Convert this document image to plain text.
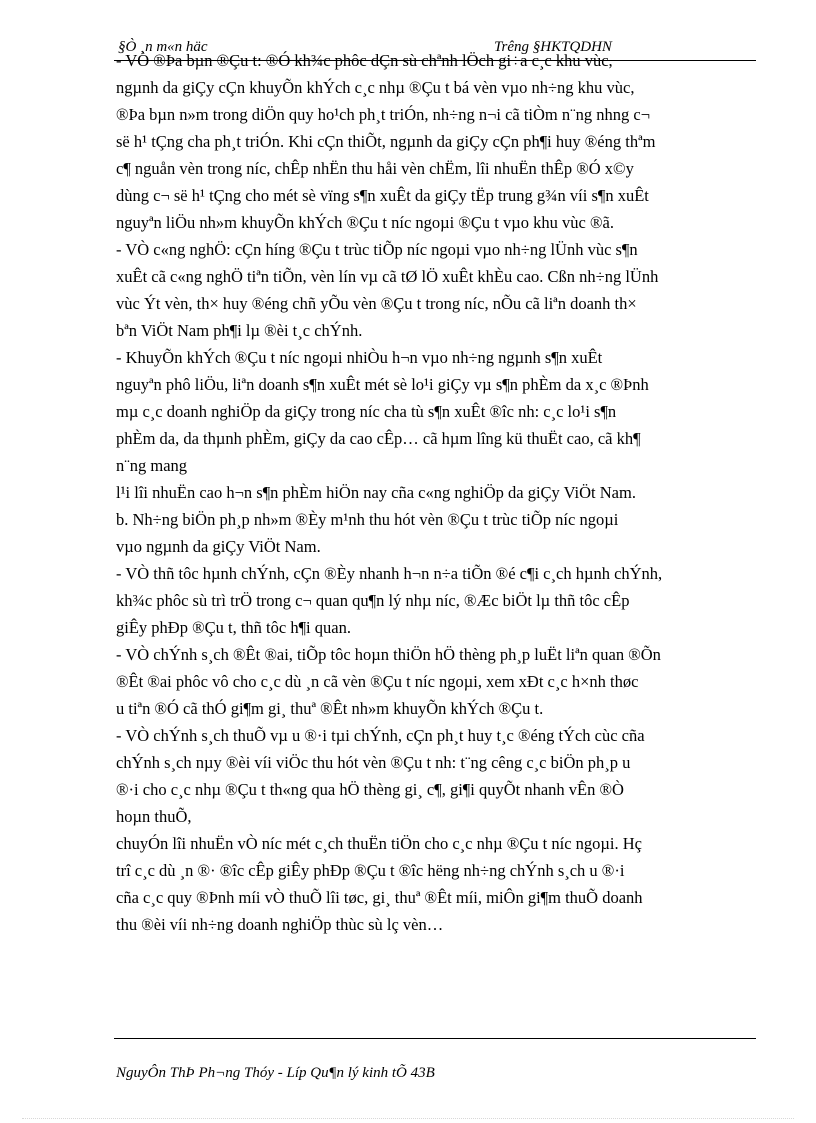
§Ò ¸n m«n häc	Trêng §HKTQDHN
- VÒ ®Þa bµn ®Çu t: ®Ó kh¾c phôc dÇn sù chªnh lÖch gi÷a c¸c khu vùc,
ngµnh da giÇy cÇn khuyÕn khÝch c¸c nhµ ®Çu t bá vèn vµo nh÷ng khu vùc,
®Þa bµn n»m trong diÖn quy ho¹ch ph¸t triÓn, nh÷ng n¬i cã tiÒm n¨ng nhng c¬
së h¹ tÇng cha ph¸t triÓn. Khi cÇn thiÕt, ngµnh da giÇy cÇn ph¶i huy ®éng thªm
c¶ nguån vèn trong níc, chÊp nhËn thu håi vèn chËm, lîi nhuËn thÊp ®Ó x©y
dùng c¬ së h¹ tÇng cho mét sè vïng s¶n xuÊt da giÇy tËp trung g¾n víi s¶n xuÊt
nguyªn liÖu nh»m khuyÕn khÝch ®Çu t níc ngoµi ®Çu t vµo khu vùc ®ã.
- VÒ c«ng nghÖ: cÇn híng ®Çu t trùc tiÕp níc ngoµi vµo nh÷ng lÜnh vùc s¶n
xuÊt cã c«ng nghÖ tiªn tiÕn, vèn lín vµ cã tØ lÖ xuÊt khÈu cao. Cßn nh÷ng lÜnh
vùc Ýt vèn, th× huy ®éng chñ yÕu vèn ®Çu t trong níc, nÕu cã liªn doanh th×
bªn ViÖt Nam ph¶i lµ ®èi t¸c chÝnh.
- KhuyÕn khÝch ®Çu t níc ngoµi nhiÒu h¬n vµo nh÷ng ngµnh s¶n xuÊt
nguyªn phô liÖu, liªn doanh s¶n xuÊt mét sè lo¹i giÇy vµ s¶n phÈm da x¸c ®Þnh
mµ c¸c doanh nghiÖp da giÇy trong níc cha tù s¶n xuÊt ®îc nh: c¸c lo¹i s¶n
phÈm da, da thµnh phÈm, giÇy da cao cÊp… cã hµm lîng kü thuËt cao, cã kh¶
n¨ng mang
l¹i lîi nhuËn cao h¬n s¶n phÈm hiÖn nay cña c«ng nghiÖp da giÇy ViÖt Nam.
b. Nh÷ng biÖn ph¸p nh»m ®Èy m¹nh thu hót vèn ®Çu t trùc tiÕp níc ngoµi
vµo ngµnh da giÇy ViÖt Nam.
- VÒ thñ tôc hµnh chÝnh, cÇn ®Èy nhanh h¬n n÷a tiÕn ®é c¶i c¸ch hµnh chÝnh,
kh¾c phôc sù trì trÖ trong c¬ quan qu¶n lý nhµ níc, ®Æc biÖt lµ thñ tôc cÊp
giÊy phÐp ®Çu t, thñ tôc h¶i quan.
- VÒ chÝnh s¸ch ®Êt ®ai, tiÕp tôc hoµn thiÖn hÖ thèng ph¸p luËt liªn quan ®Õn
®Êt ®ai phôc vô cho c¸c dù ¸n cã vèn ®Çu t níc ngoµi, xem xÐt c¸c h×nh thøc
u tiªn ®Ó cã thÓ gi¶m gi¸ thuª ®Êt nh»m khuyÕn khÝch ®Çu t.
- VÒ chÝnh s¸ch thuÕ vµ u ®·i tµi chÝnh, cÇn ph¸t huy t¸c ®éng tÝch cùc cña
chÝnh s¸ch nµy ®èi víi viÖc thu hót vèn ®Çu t nh: t¨ng cêng c¸c biÖn ph¸p u
®·i cho c¸c nhµ ®Çu t th«ng qua hÖ thèng gi¸ c¶, gi¶i quyÕt nhanh vÊn ®Ò
hoµn thuÕ,
chuyÓn lîi nhuËn vÒ níc mét c¸ch thuËn tiÖn cho c¸c nhµ ®Çu t níc ngoµi. Hç
trî c¸c dù ¸n ®· ®îc cÊp giÊy phÐp ®Çu t ®îc hëng nh÷ng chÝnh s¸ch u ®·i
cña c¸c quy ®Þnh míi vÒ thuÕ lîi tøc, gi¸ thuª ®Êt míi, miÔn gi¶m thuÕ doanh
thu ®èi víi nh÷ng doanh nghiÖp thùc sù lç vèn…
NguyÔn ThÞ Ph¬ng Thóy - Líp Qu¶n lý kinh tÕ 43B
